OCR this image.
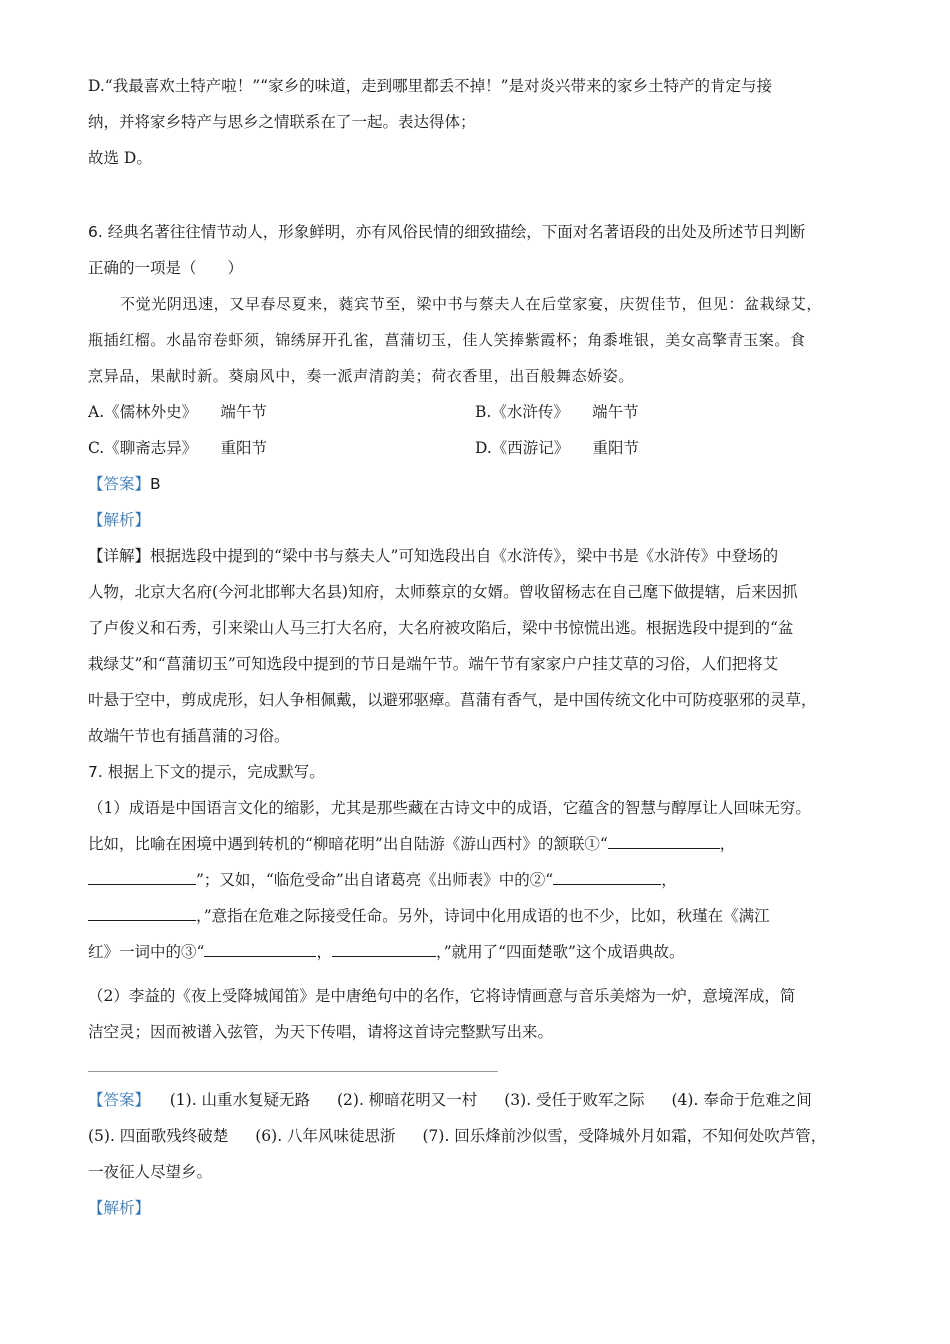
D.“我最喜欢土特产啦！”“家乡的味道，走到哪里都丢不掉！”是对炎兴带来的家乡土特产的肯定与接
纳，并将家乡特产与思乡之情联系在了一起。表达得体；
故选 D。
6. 经典名著往往情节动人，形象鲜明，亦有风俗民情的细致描绘，下面对名著语段的出处及所述节日判断
正确的一项是（　　）
不觉光阴迅速，又早春尽夏来，蕤宾节至，梁中书与蔡夫人在后堂家宴，庆贺佳节，但见：盆栽绿艾，
瓶插红榴。水晶帘卷虾须，锦绣屏开孔雀，菖蒲切玉，佳人笑捧紫霞杯；角黍堆银，美女高擎青玉案。食
烹异品，果献时新。葵扇风中，奏一派声清韵美；荷衣香里，出百般舞态娇姿。
A.《儒林外史》　　端午节	B.《水浒传》　　端午节
C.《聊斋志异》　　重阳节	D.《西游记》　　重阳节
【答案】B
【解析】
【详解】根据选段中提到的“梁中书与蔡夫人”可知选段出自《水浒传》，梁中书是《水浒传》中登场的
人物，北京大名府(今河北邯郸大名县)知府，太师蔡京的女婿。曾收留杨志在自己麾下做提辖，后来因抓
了卢俊义和石秀，引来梁山人马三打大名府，大名府被攻陷后，梁中书惊慌出逃。根据选段中提到的“盆
栽绿艾”和“菖蒲切玉”可知选段中提到的节日是端午节。端午节有家家户户挂艾草的习俗，人们把将艾
叶悬于空中，剪成虎形，妇人争相佩戴，以避邪驱瘴。菖蒲有香气，是中国传统文化中可防疫驱邪的灵草，
故端午节也有插菖蒲的习俗。
7. 根据上下文的提示，完成默写。
（1）成语是中国语言文化的缩影，尤其是那些藏在古诗文中的成语，它蕴含的智慧与醇厚让人回味无穷。
比如，比喻在困境中遇到转机的“柳暗花明”出自陆游《游山西村》的颔联①“	，
”；又如，“临危受命”出自诸葛亮《出师表》中的②“	，
，”意指在危难之际接受任命。另外，诗词中化用成语的也不少，比如，秋瑾在《满江
红》一词中的③“	，	，”就用了“四面楚歌”这个成语典故。
（2）李益的《夜上受降城闻笛》是中唐绝句中的名作，它将诗情画意与音乐美熔为一炉，意境浑成，简
洁空灵；因而被谱入弦管，为天下传唱，请将这首诗完整默写出来。
【答案】 (1). 山重水复疑无路 (2). 柳暗花明又一村 (3). 受任于败军之际 (4). 奉命于危难之间
(5). 四面歌残终破楚 (6). 八年风味徒思浙 (7). 回乐烽前沙似雪，受降城外月如霜，不知何处吹芦管，
一夜征人尽望乡。
【解析】
